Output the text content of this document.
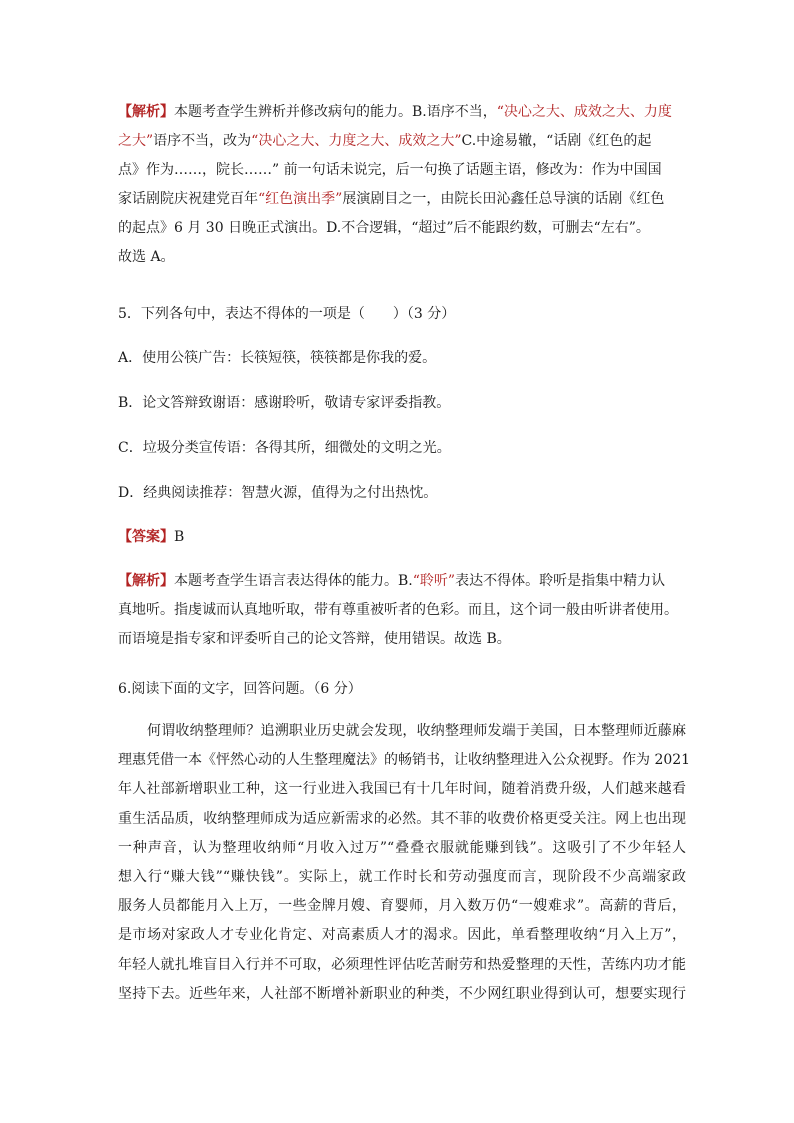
【解析】本题考查学生辨析并修改病句的能力。B.语序不当，“决心之大、成效之大、力度
之大”语序不当，改为“决心之大、力度之大、成效之大”C.中途易辙，“话剧《红色的起
点》作为……，院长……” 前一句话未说完，后一句换了话题主语，修改为：作为中国国
家话剧院庆祝建党百年“红色演出季”展演剧目之一，由院长田沁鑫任总导演的话剧《红色
的起点》6 月 30 日晚正式演出。D.不合逻辑，“超过”后不能跟约数，可删去“左右”。
故选 A。

5．下列各句中，表达不得体的一项是（　　）（3 分）

A．使用公筷广告：长筷短筷，筷筷都是你我的爱。

B．论文答辩致谢语：感谢聆听，敬请专家评委指教。

C．垃圾分类宣传语：各得其所，细微处的文明之光。

D．经典阅读推荐：智慧火源，值得为之付出热忱。

【答案】B

【解析】本题考查学生语言表达得体的能力。B.“聆听”表达不得体。聆听是指集中精力认
真地听。指虔诚而认真地听取，带有尊重被听者的色彩。而且，这个词一般由听讲者使用。
而语境是指专家和评委听自己的论文答辩，使用错误。故选 B。

6.阅读下面的文字，回答问题。（6 分）

何谓收纳整理师？追溯职业历史就会发现，收纳整理师发端于美国，日本整理师近藤麻
理惠凭借一本《怦然心动的人生整理魔法》的畅销书，让收纳整理进入公众视野。作为 2021
年人社部新增职业工种，这一行业进入我国已有十几年时间，随着消费升级，人们越来越看
重生活品质，收纳整理师成为适应新需求的必然。其不菲的收费价格更受关注。网上也出现
一种声音，认为整理收纳师“月收入过万”“叠叠衣服就能赚到钱”。这吸引了不少年轻人
想入行“赚大钱”“赚快钱”。实际上，就工作时长和劳动强度而言，现阶段不少高端家政
服务人员都能月入上万，一些金牌月嫂、育婴师，月入数万仍“一嫂难求”。高薪的背后，
是市场对家政人才专业化肯定、对高素质人才的渴求。因此，单看整理收纳“月入上万”，
年轻人就扎堆盲目入行并不可取，必须理性评估吃苦耐劳和热爱整理的天性，苦练内功才能
坚持下去。近些年来，人社部不断增补新职业的种类，不少网红职业得到认可，想要实现行
